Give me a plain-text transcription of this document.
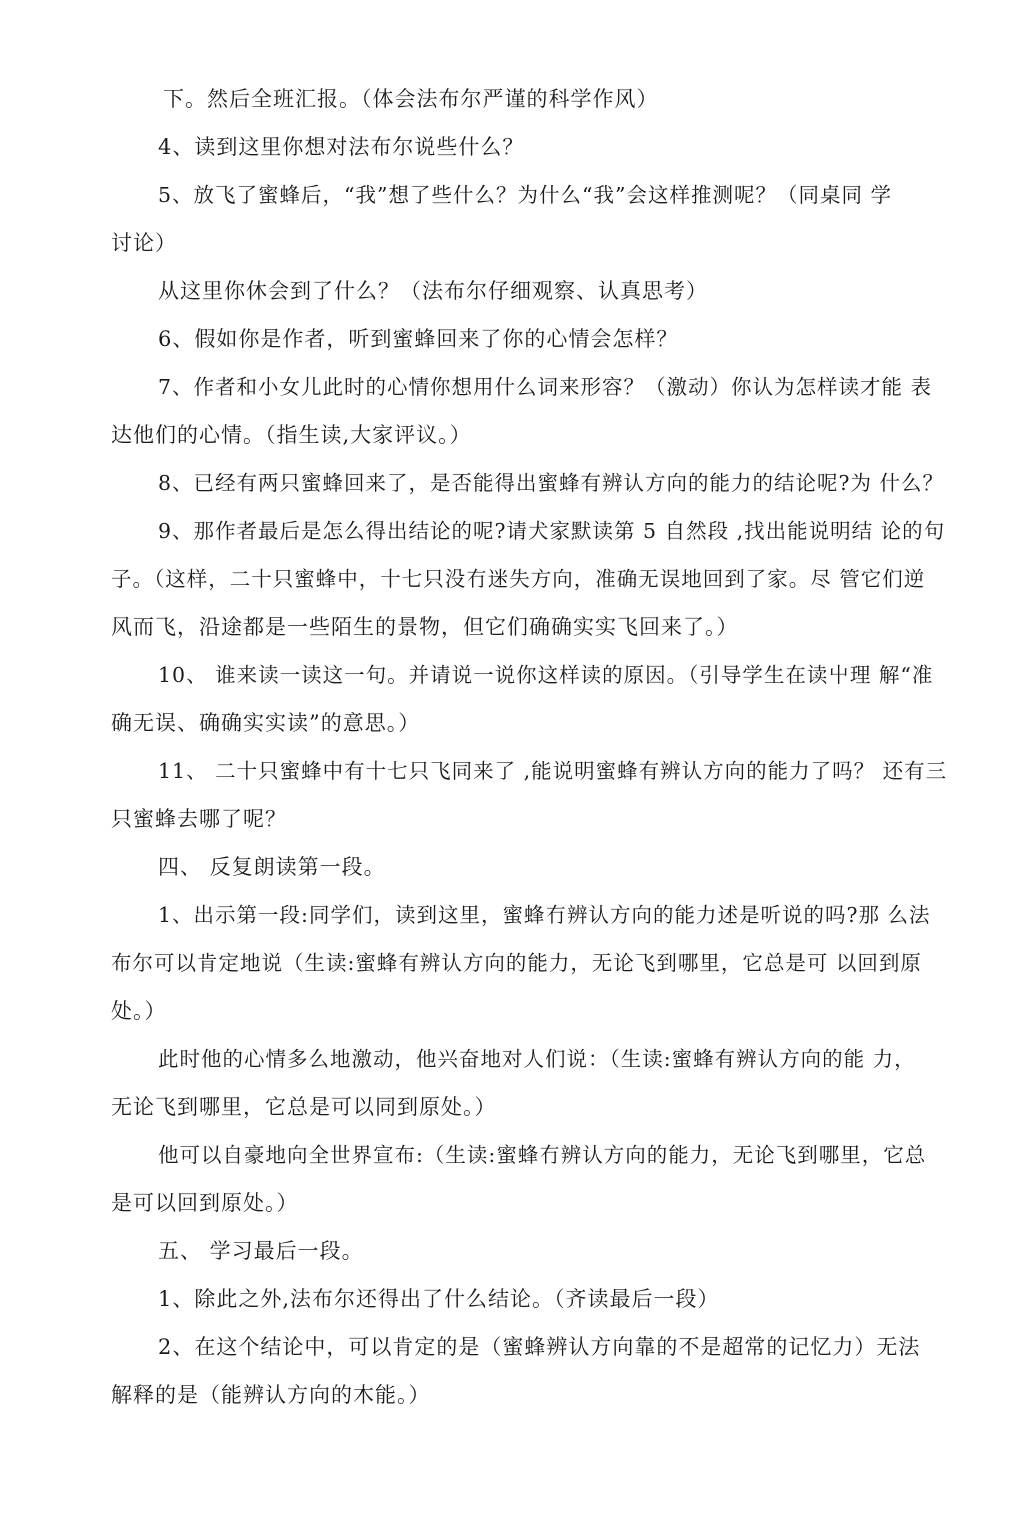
下。然后全班汇报。（体会法布尔严谨的科学作风）
4、读到这里你想对法布尔说些什么？
5、放飞了蜜蜂后，“我”想了些什么？为什么“我”会这样推测呢？（同桌同 学
讨论）
从这里你休会到了什么？（法布尔仔细观察、认真思考）
6、假如你是作者，听到蜜蜂回来了你的心情会怎样？
7、作者和小女儿此时的心情你想用什么词来形容？（激动）你认为怎样读才能 表
达他们的心情。（指生读,大家评议。）
8、已经有两只蜜蜂回来了，是否能得出蜜蜂有辨认方向的能力的结论呢?为 什么？
9、那作者最后是怎么得出结论的呢?请犬家默读第 5 自然段 ,找出能说明结 论的句
子。（这样，二十只蜜蜂中，十七只没冇迷失方向，准确无误地回到了家。尽 管它们逆
风而飞，沿途都是一些陌生的景物，但它们确确实实飞回来了。）
10、 谁来读一读这一句。并请说一说你这样读的原因。（引导学生在读屮理 解“准
确无误、确确实实读”的意思。）
11、 二十只蜜蜂中有十七只飞同来了 ,能说明蜜蜂有辨认方向的能力了吗？ 还有三
只蜜蜂去哪了呢？
四、 反复朗读第一段。
1、出示第一段:同学们，读到这里，蜜蜂冇辨认方向的能力述是听说的吗?那 么法
布尔可以肯定地说（生读:蜜蜂有辨认方向的能力，无论飞到哪里，它总是可 以回到原
处。）
此时他的心情多么地激动，他兴奋地对人们说：（生读:蜜蜂有辨认方向的能 力，
无论飞到哪里，它总是可以同到原处。）
他可以自豪地向全世界宣布:（生读:蜜蜂冇辨认方向的能力，无论飞到哪里，它总
是可以回到原处。）
五、 学习最后一段。
1、除此之外,法布尔还得出了什么结论。（齐读最后一段）
2、在这个结论中，可以肯定的是（蜜蜂辨认方向靠的不是超常的记忆力）无法
解释的是（能辨认方向的木能。）
